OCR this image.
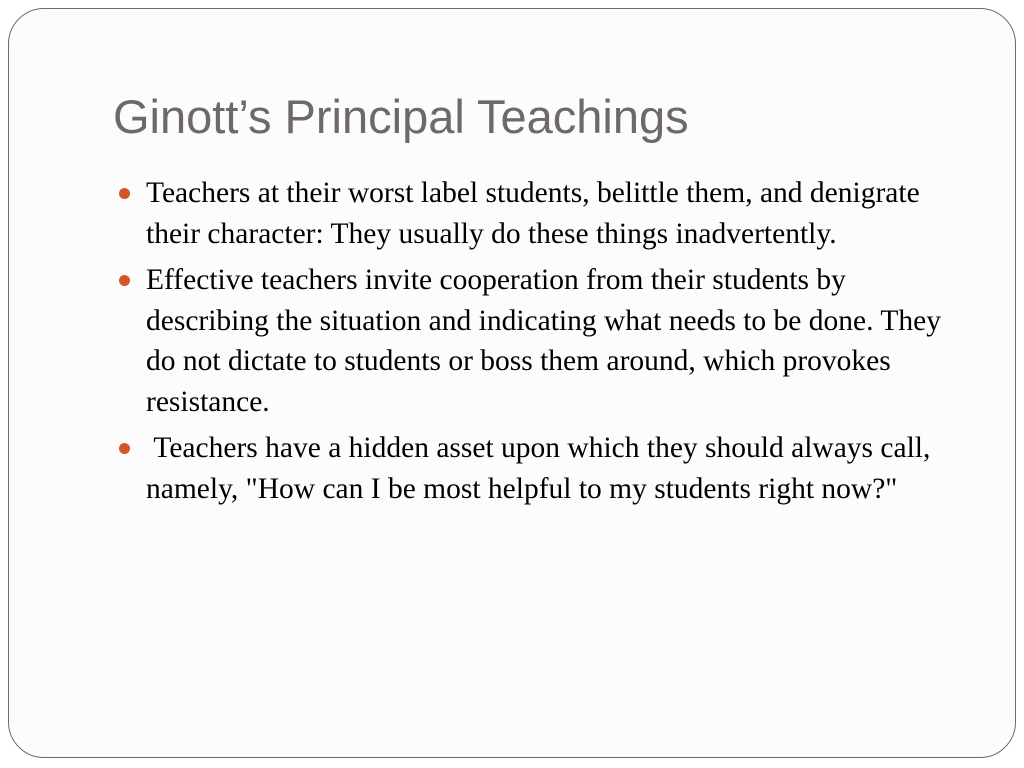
Ginott’s Principal Teachings
Teachers at their worst label students, belittle them, and denigrate their character: They usually do these things inadvertently.
Effective teachers invite cooperation from their students by describing the situation and indicating what needs to be done. They do not dictate to students or boss them around, which provokes resistance.
Teachers have a hidden asset upon which they should always call, namely, "How can I be most helpful to my students right now?"
